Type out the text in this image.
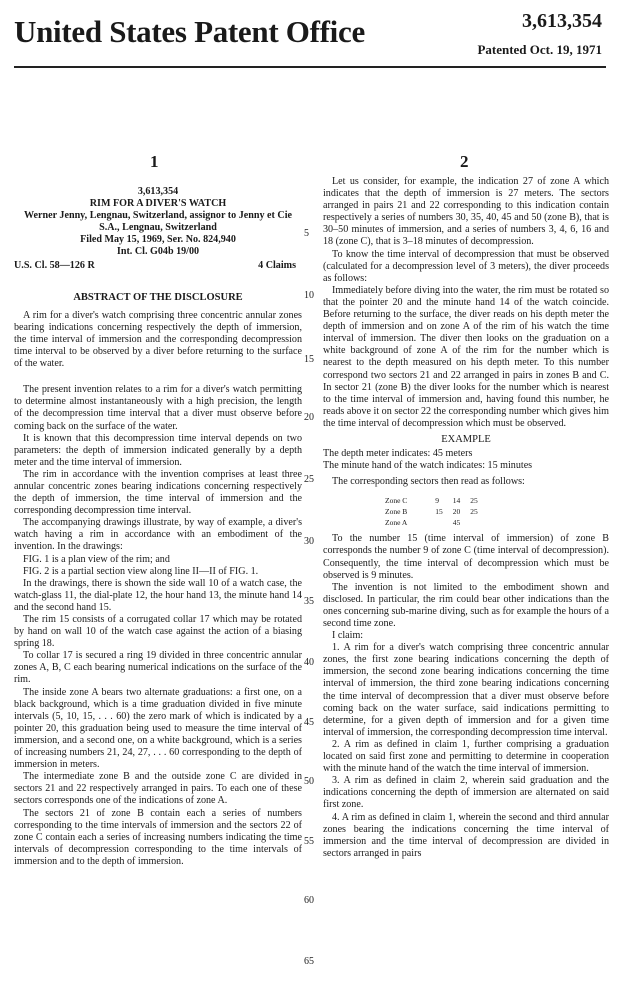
United States Patent Office	3,613,354
Patented Oct. 19, 1971
1	2

3,613,354

RIM FOR A DIVER'S WATCH

Werner Jenny, Lengnau, Switzerland, assignor to Jenny et Cie S.A., Lengnau, Switzerland

Filed May 15, 1969, Ser. No. 824,940

Int. Cl. G04b 19/00

U.S. Cl. 58—126 R	4 Claims
ABSTRACT OF THE DISCLOSURE

A rim for a diver's watch comprising three concentric annular zones bearing indications concerning respectively the depth of immersion, the time interval of immersion and the corresponding decompression time interval to be observed by a diver before returning to the surface of the water.

The present invention relates to a rim for a diver's watch permitting to determine almost instantaneously with a high precision, the length of the decompression time interval that a diver must observe before coming back on the surface of the water.

It is known that this decompression time interval depends on two parameters: the depth of immersion indicated generally by a depth meter and the time interval of immersion.

The rim in accordance with the invention comprises at least three annular concentric zones bearing indications concerning respectively the depth of immersion, the time interval of immersion and the corresponding decompression time interval.

The accompanying drawings illustrate, by way of example, a diver's watch having a rim in accordance with an embodiment of the invention. In the drawings:

FIG. 1 is a plan view of the rim; and

FIG. 2 is a partial section view along line II—II of FIG. 1.

In the drawings, there is shown the side wall 10 of a watch case, the watch-glass 11, the dial-plate 12, the hour hand 13, the minute hand 14 and the second hand 15.

The rim 15 consists of a corrugated collar 17 which may be rotated by hand on wall 10 of the watch case against the action of a biasing spring 18.

To collar 17 is secured a ring 19 divided in three concentric annular zones A, B, C each bearing numerical indications on the surface of the rim.

The inside zone A bears two alternate graduations: a first one, on a black background, which is a time graduation divided in five minute intervals (5, 10, 15, . . . 60) the zero mark of which is indicated by a pointer 20, this graduation being used to measure the time interval of immersion, and a second one, on a white background, which is a series of increasing numbers 21, 24, 27, . . . 60 corresponding to the depth of immersion in meters.

The intermediate zone B and the outside zone C are divided in sectors 21 and 22 respectively arranged in pairs. To each one of these sectors corresponds one of the indications of zone A.

The sectors 21 of zone B contain each a series of numbers corresponding to the time intervals of immersion and the sectors 22 of zone C contain each a series of increasing numbers indicating the time intervals of decompression corresponding to the time intervals of immersion and to the depth of immersion.

Let us consider, for example, the indication 27 of zone A which indicates that the depth of immersion is 27 meters. The sectors arranged in pairs 21 and 22 corresponding to this indication contain respectively a series of numbers 30, 35, 40, 45 and 50 (zone B), that is 30–50 minutes of immersion, and a series of numbers 3, 4, 6, 16 and 18 (zone C), that is 3–18 minutes of decompression.

To know the time interval of decompression that must be observed (calculated for a decompression level of 3 meters), the diver proceeds as follows:

Immediately before diving into the water, the rim must be rotated so that the pointer 20 and the minute hand 14 of the watch coincide. Before returning to the surface, the diver reads on his depth meter the depth of immersion and on zone A of the rim of his watch the time interval of immersion. The diver then looks on the graduation on a white background of zone A of the rim for the number which is nearest to the depth measured on his depth meter. To this number correspond two sectors 21 and 22 arranged in pairs in zones B and C. In sector 21 (zone B) the diver looks for the number which is nearest to the time interval of immersion and, having found this number, he reads above it on sector 22 the corresponding number which gives him the time interval of decompression which must be observed.

EXAMPLE

The depth meter indicates: 45 meters

The minute hand of the watch indicates: 15 minutes

The corresponding sectors then read as follows:

Zone C	9	14	25
Zone B	15	20	25
Zone A		45	

To the number 15 (time interval of immersion) of zone B corresponds the number 9 of zone C (time interval of decompression). Consequently, the time interval of decompression which must be observed is 9 minutes.

The invention is not limited to the embodiment shown and disclosed. In particular, the rim could bear other indications than the ones concerning sub-marine diving, such as for example the hours of a second time zone.

I claim:

1. A rim for a diver's watch comprising three concentric annular zones, the first zone bearing indications concerning the depth of immersion, the second zone bearing indications concerning the time interval of immersion, the third zone bearing indications concerning the time interval of decompression that a diver must observe before coming back on the water surface, said indications permitting to determine, for a given depth of immersion and for a given time interval of immersion, the corresponding decompression time interval.

2. A rim as defined in claim 1, further comprising a graduation located on said first zone and permitting to determine in cooperation with the minute hand of the watch the time interval of immersion.

3. A rim as defined in claim 2, wherein said graduation and the indications concerning the depth of immersion are alternated on said first zone.

4. A rim as defined in claim 1, wherein the second and third annular zones bearing the indications concerning the time interval of immersion and the time interval of decompression are divided in sectors arranged in pairs

5
10
15
20
25
30
35
40
45
50
55
60
65
